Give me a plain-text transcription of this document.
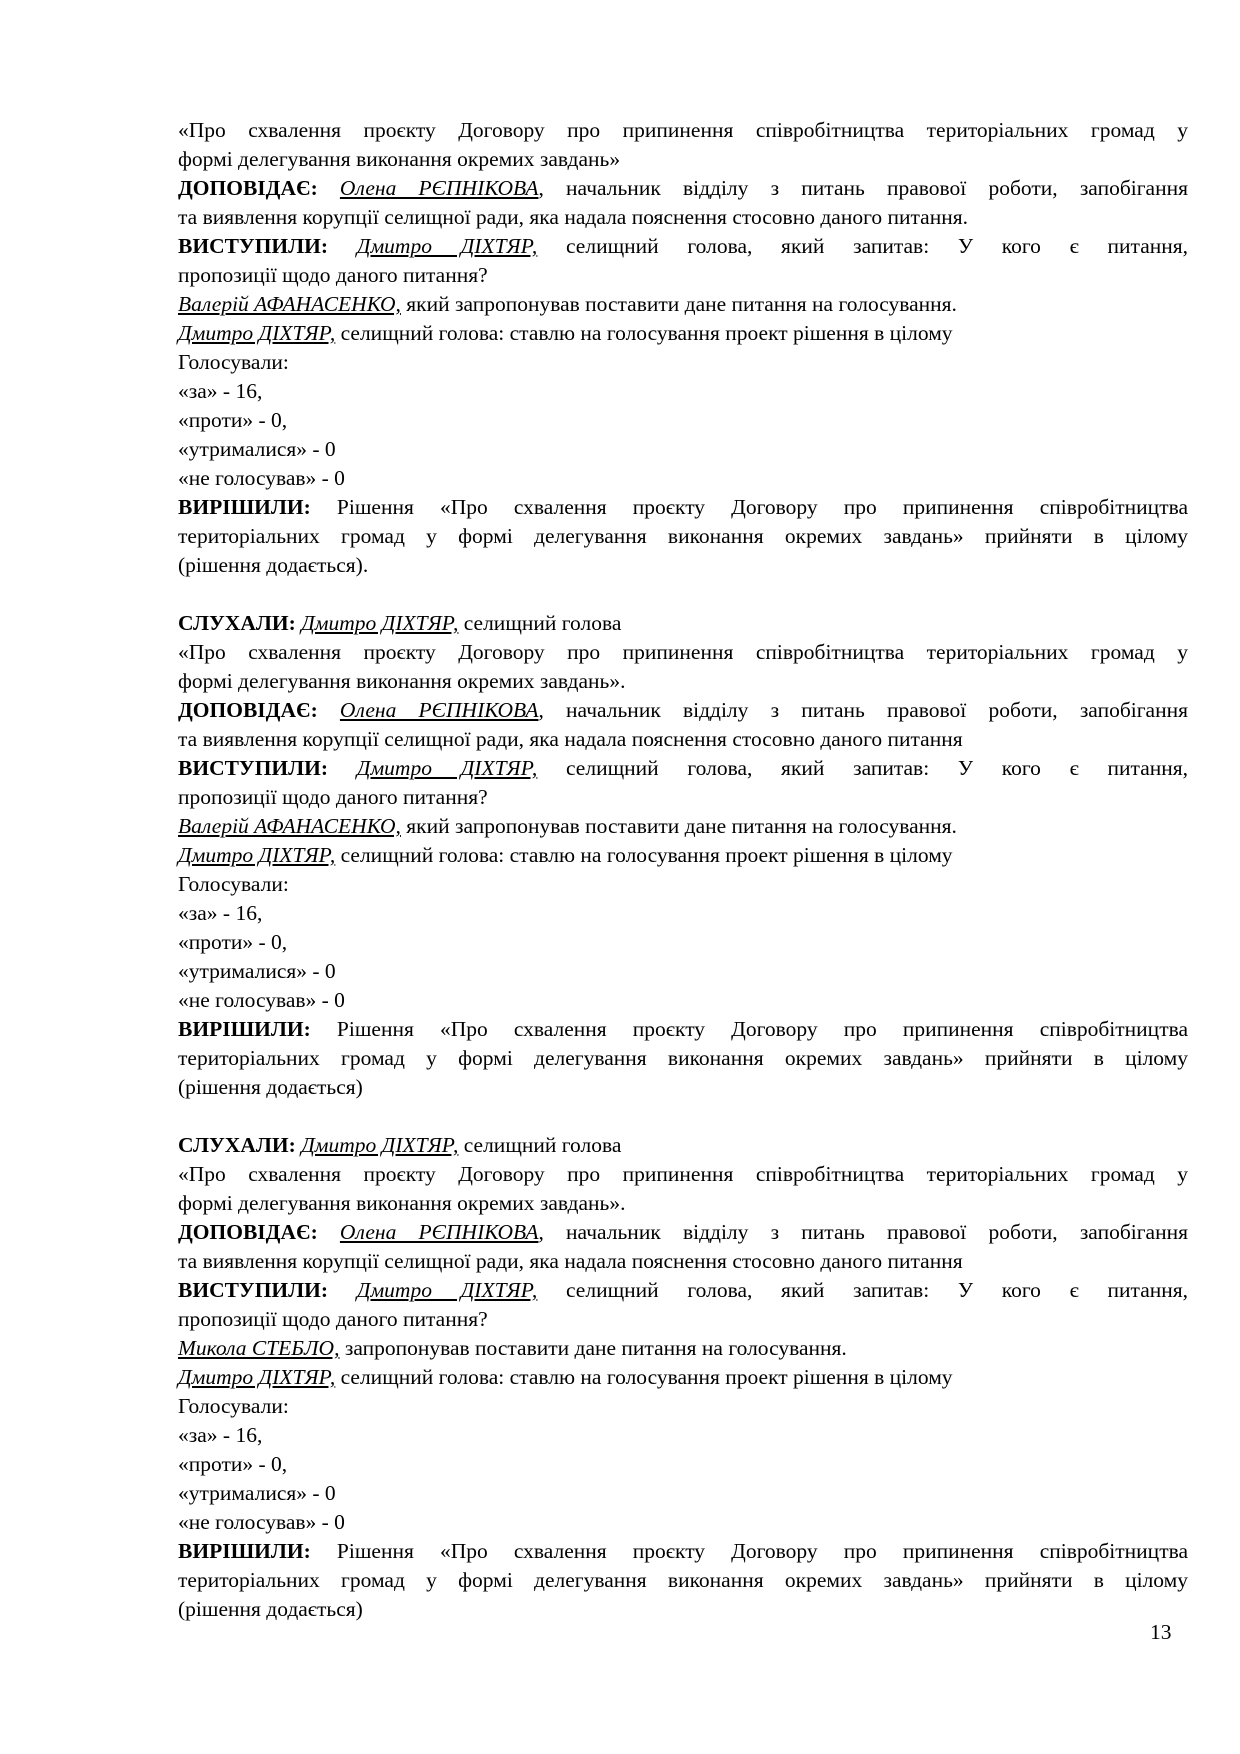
«Про схвалення проєкту Договору про припинення співробітництва територіальних громад у
формі делегування виконання окремих завдань»
ДОПОВІДАЄ: Олена РЄПНІКОВА, начальник відділу з питань правової роботи, запобігання
та виявлення корупції селищної ради, яка надала пояснення стосовно даного питання.
ВИСТУПИЛИ: Дмитро ДІХТЯР, селищний голова, який запитав: У кого є питання,
пропозиції щодо даного питання?
Валерій АФАНАСЕНКО, який запропонував поставити дане питання на голосування.
Дмитро ДІХТЯР, селищний голова: ставлю на голосування проект рішення в цілому
Голосували:
«за» - 16,
«проти» - 0,
«утрималися» - 0
«не голосував» - 0
ВИРІШИЛИ: Рішення «Про схвалення проєкту Договору про припинення співробітництва
територіальних громад у формі делегування виконання окремих завдань» прийняти в цілому
(рішення додається).
СЛУХАЛИ: Дмитро ДІХТЯР, селищний голова
«Про схвалення проєкту Договору про припинення співробітництва територіальних громад у
формі делегування виконання окремих завдань».
ДОПОВІДАЄ: Олена РЄПНІКОВА, начальник відділу з питань правової роботи, запобігання
та виявлення корупції селищної ради, яка надала пояснення стосовно даного питання
ВИСТУПИЛИ: Дмитро ДІХТЯР, селищний голова, який запитав: У кого є питання,
пропозиції щодо даного питання?
Валерій АФАНАСЕНКО, який запропонував поставити дане питання на голосування.
Дмитро ДІХТЯР, селищний голова: ставлю на голосування проект рішення в цілому
Голосували:
«за» - 16,
«проти» - 0,
«утрималися» - 0
«не голосував» - 0
ВИРІШИЛИ: Рішення «Про схвалення проєкту Договору про припинення співробітництва
територіальних громад у формі делегування виконання окремих завдань» прийняти в цілому
(рішення додається)
СЛУХАЛИ: Дмитро ДІХТЯР, селищний голова
«Про схвалення проєкту Договору про припинення співробітництва територіальних громад у
формі делегування виконання окремих завдань».
ДОПОВІДАЄ: Олена РЄПНІКОВА, начальник відділу з питань правової роботи, запобігання
та виявлення корупції селищної ради, яка надала пояснення стосовно даного питання
ВИСТУПИЛИ: Дмитро ДІХТЯР, селищний голова, який запитав: У кого є питання,
пропозиції щодо даного питання?
Микола СТЕБЛО, запропонував поставити дане питання на голосування.
Дмитро ДІХТЯР, селищний голова: ставлю на голосування проект рішення в цілому
Голосували:
«за» - 16,
«проти» - 0,
«утрималися» - 0
«не голосував» - 0
ВИРІШИЛИ: Рішення «Про схвалення проєкту Договору про припинення співробітництва
територіальних громад у формі делегування виконання окремих завдань» прийняти в цілому
(рішення додається)
13
